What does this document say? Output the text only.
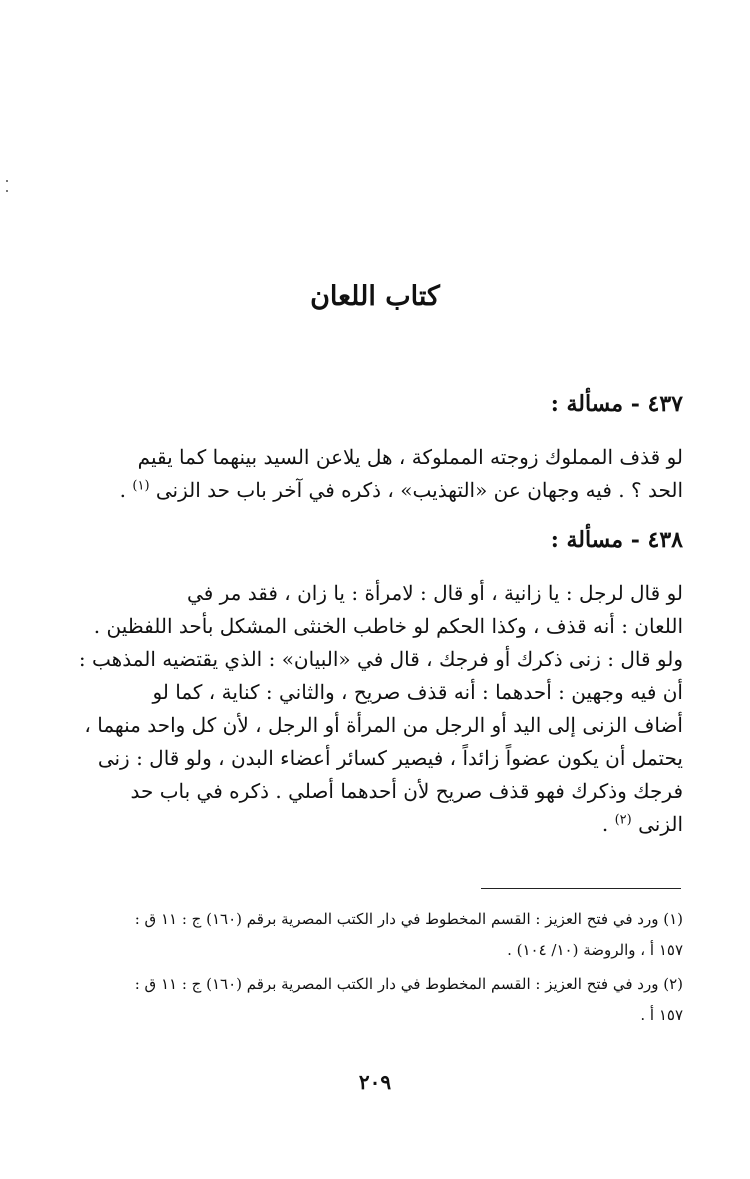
كتاب اللعان
٤٣٧ - مسألة :
لو قذف المملوك زوجته المملوكة ، هل يلاعن السيد بينهما كما يقيم
الحد ؟ . فيه وجهان عن «التهذيب» ، ذكره في آخر باب حد الزنى $^{(١)}$ .
٤٣٨ - مسألة :
لو قال لرجل : يا زانية ، أو قال : لامرأة : يا زان ، فقد مر في
اللعان : أنه قذف ، وكذا الحكم لو خاطب الخنثى المشكل بأحد اللفظين .
ولو قال : زنى ذكرك أو فرجك ، قال في «البيان» : الذي يقتضيه المذهب :
أن فيه وجهين : أحدهما : أنه قذف صريح ، والثاني : كناية ، كما لو
أضاف الزنى إلى اليد أو الرجل من المرأة أو الرجل ، لأن كل واحد منهما ،
يحتمل أن يكون عضواً زائداً ، فيصير كسائر أعضاء البدن ، ولو قال : زنى
فرجك وذكرك فهو قذف صريح لأن أحدهما أصلي . ذكره في باب حد
الزنى $^{(٢)}$ .
(١) ورد في فتح العزيز : القسم المخطوط في دار الكتب المصرية برقم (١٦٠) ج : ١١ ق :
١٥٧ أ ، والروضة (١٠/ ١٠٤) .
(٢) ورد في فتح العزيز : القسم المخطوط في دار الكتب المصرية برقم (١٦٠) ج : ١١ ق :
١٥٧ أ .
٢٠٩
